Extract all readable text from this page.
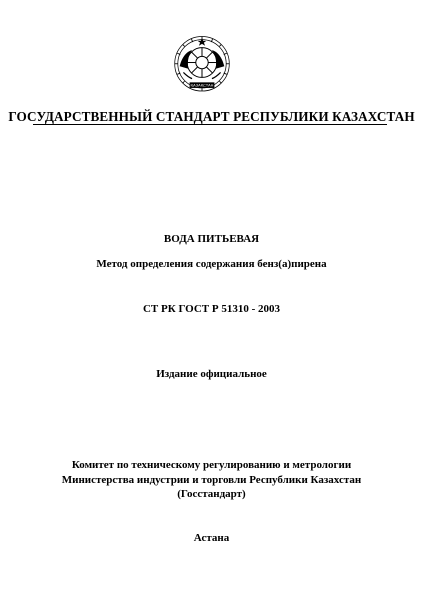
ҚАЗАҚСТАН
ГОСУДАРСТВЕННЫЙ СТАНДАРТ РЕСПУБЛИКИ КАЗАХСТАН
ВОДА ПИТЬЕВАЯ
Метод определения содержания бенз(а)пирена
СТ РК ГОСТ Р 51310 - 2003
Издание официальное
Комитет по техническому регулированию и метрологии
Министерства индустрии и торговли Республики Казахстан
(Госстандарт)
Астана
